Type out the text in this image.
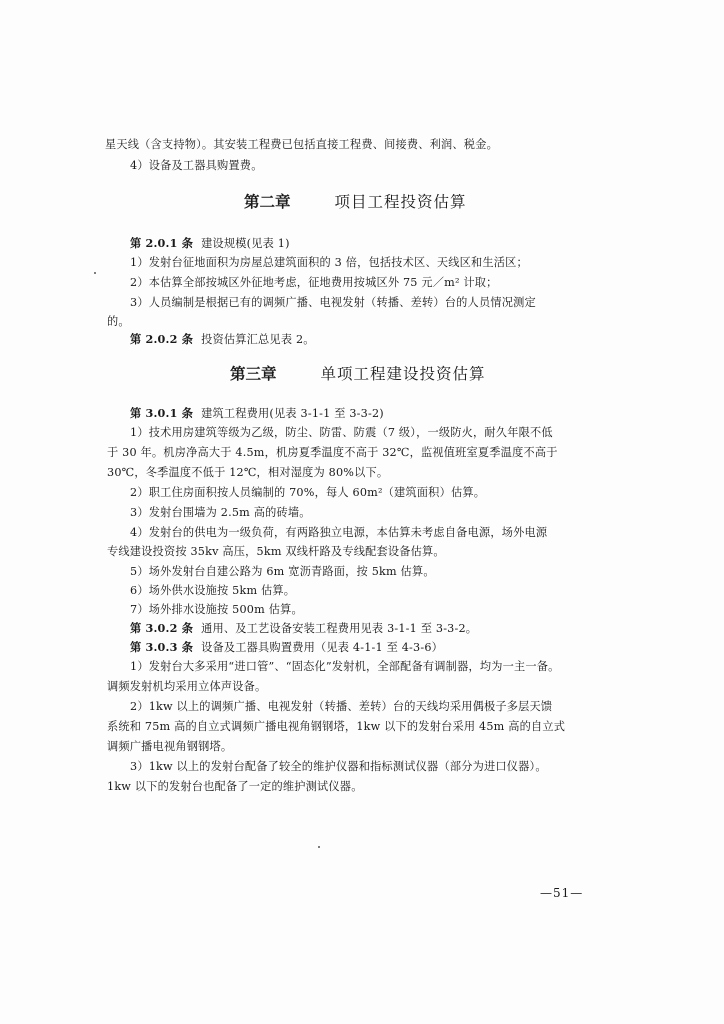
星天线（含支持物）。其安装工程费已包括直接工程费、间接费、利润、税金。
4）设备及工器具购置费。
第二章	项目工程投资估算
第 2.0.1 条 建设规模(见表 1)
1）发射台征地面积为房屋总建筑面积的 3 倍，包括技术区、天线区和生活区；
2）本估算全部按城区外征地考虑，征地费用按城区外 75 元／m² 计取；
3）人员编制是根据已有的调频广播、电视发射（转播、差转）台的人员情况测定
的。
第 2.0.2 条 投资估算汇总见表 2。
第三章	单项工程建设投资估算
第 3.0.1 条 建筑工程费用(见表 3-1-1 至 3-3-2)
1）技术用房建筑等级为乙级，防尘、防雷、防震（7 级），一级防火，耐久年限不低
于 30 年。机房净高大于 4.5m，机房夏季温度不高于 32℃，监视值班室夏季温度不高于
30℃，冬季温度不低于 12℃，相对湿度为 80%以下。
2）职工住房面积按人员编制的 70%，每人 60m²（建筑面积）估算。
3）发射台围墙为 2.5m 高的砖墙。
4）发射台的供电为一级负荷，有两路独立电源，本估算未考虑自备电源，场外电源
专线建设投资按 35kv 高压，5km 双线杆路及专线配套设备估算。
5）场外发射台自建公路为 6m 宽沥青路面，按 5km 估算。
6）场外供水设施按 5km 估算。
7）场外排水设施按 500m 估算。
第 3.0.2 条 通用、及工艺设备安装工程费用见表 3-1-1 至 3-3-2。
第 3.0.3 条 设备及工器具购置费用（见表 4-1-1 至 4-3-6）
1）发射台大多采用“进口管”、“固态化”发射机，全部配备有调制器，均为一主一备。
调频发射机均采用立体声设备。
2）1kw 以上的调频广播、电视发射（转播、差转）台的天线均采用偶极子多层天馈
系统和 75m 高的自立式调频广播电视角钢钢塔，1kw 以下的发射台采用 45m 高的自立式
调频广播电视角钢钢塔。
3）1kw 以上的发射台配备了较全的维护仪器和指标测试仪器（部分为进口仪器）。
1kw 以下的发射台也配备了一定的维护测试仪器。
—51—
